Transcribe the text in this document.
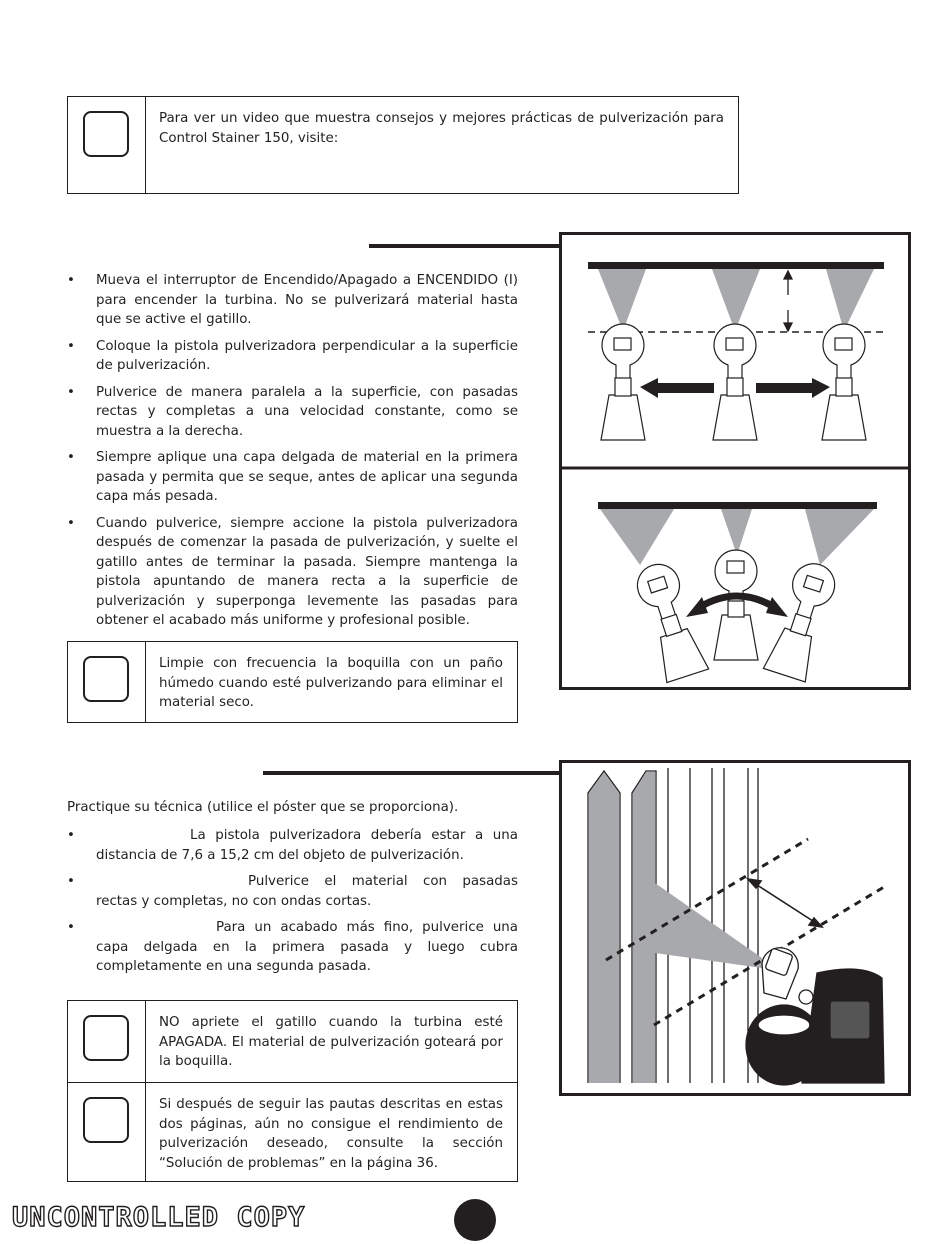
Para ver un video que muestra consejos y mejores prácticas de pulverización para Control Stainer 150, visite:
• Mueva el interruptor de Encendido/Apagado a ENCENDIDO (I) para encender la turbina. No se pulverizará material hasta que se active el gatillo.
• Coloque la pistola pulverizadora perpendicular a la superficie de pulverización.
• Pulverice de manera paralela a la superficie, con pasadas rectas y completas a una velocidad constante, como se muestra a la derecha.
• Siempre aplique una capa delgada de material en la primera pasada y permita que se seque, antes de aplicar una segunda capa más pesada.
• Cuando pulverice, siempre accione la pistola pulverizadora después de comenzar la pasada de pulverización, y suelte el gatillo antes de terminar la pasada. Siempre mantenga la pistola apuntando de manera recta a la superficie de pulverización y superponga levemente las pasadas para obtener el acabado más uniforme y profesional posible.
Limpie con frecuencia la boquilla con un paño húmedo cuando esté pulverizando para eliminar el material seco.
Practique su técnica (utilice el póster que se proporciona).
• La pistola pulverizadora debería estar a una distancia de 7,6 a 15,2 cm del objeto de pulverización.
• Pulverice el material con pasadas rectas y completas, no con ondas cortas.
• Para un acabado más fino, pulverice una capa delgada en la primera pasada y luego cubra completamente en una segunda pasada.
NO apriete el gatillo cuando la turbina esté APAGADA. El material de pulverización goteará por la boquilla.
Si después de seguir las pautas descritas en estas dos páginas, aún no consigue el rendimiento de pulverización deseado, consulte la sección “Solución de problemas” en la página 36.
UNCONTROLLED COPY
